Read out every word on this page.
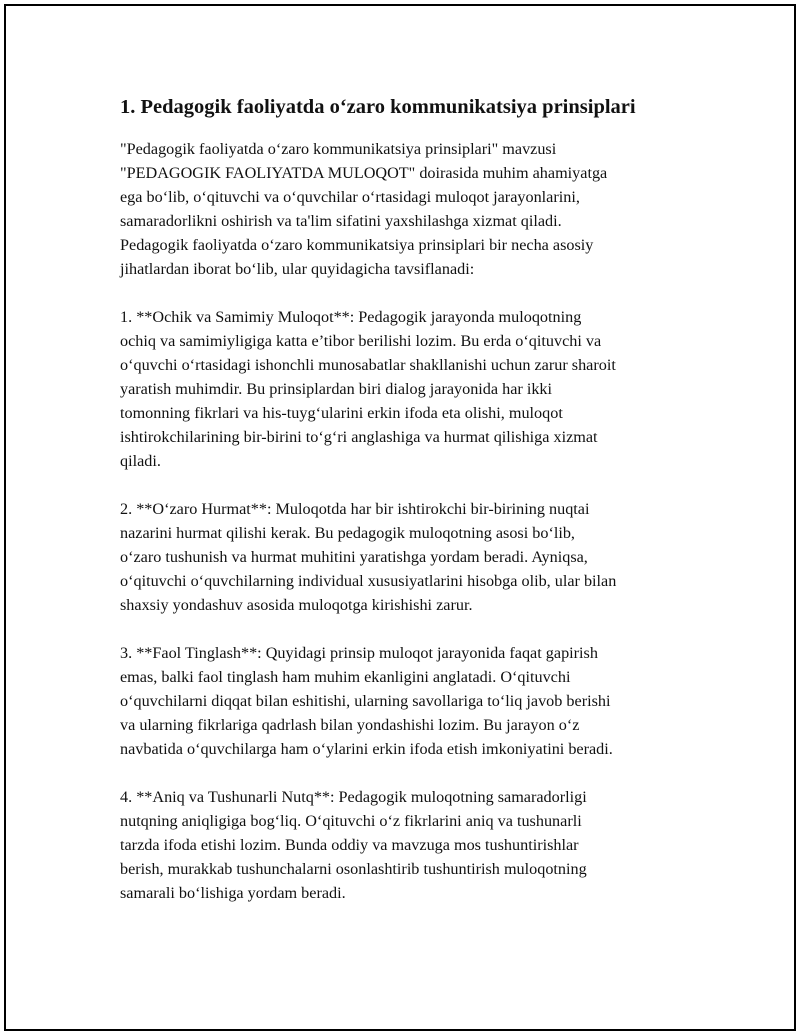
1. Pedagogik faoliyatda o‘zaro kommunikatsiya prinsiplari
"Pedagogik faoliyatda o‘zaro kommunikatsiya prinsiplari" mavzusi
"PEDAGOGIK FAOLIYATDA MULOQOT" doirasida muhim ahamiyatga
ega bo‘lib, o‘qituvchi va o‘quvchilar o‘rtasidagi muloqot jarayonlarini,
samaradorlikni oshirish va ta'lim sifatini yaxshilashga xizmat qiladi.
Pedagogik faoliyatda o‘zaro kommunikatsiya prinsiplari bir necha asosiy
jihatlardan iborat bo‘lib, ular quyidagicha tavsiflanadi:
1. **Ochik va Samimiy Muloqot**: Pedagogik jarayonda muloqotning
ochiq va samimiyligiga katta e’tibor berilishi lozim. Bu erda o‘qituvchi va
o‘quvchi o‘rtasidagi ishonchli munosabatlar shakllanishi uchun zarur sharoit
yaratish muhimdir. Bu prinsiplardan biri dialog jarayonida har ikki
tomonning fikrlari va his-tuyg‘ularini erkin ifoda eta olishi, muloqot
ishtirokchilarining bir-birini to‘g‘ri anglashiga va hurmat qilishiga xizmat
qiladi.
2. **O‘zaro Hurmat**: Muloqotda har bir ishtirokchi bir-birining nuqtai
nazarini hurmat qilishi kerak. Bu pedagogik muloqotning asosi bo‘lib,
o‘zaro tushunish va hurmat muhitini yaratishga yordam beradi. Ayniqsa,
o‘qituvchi o‘quvchilarning individual xususiyatlarini hisobga olib, ular bilan
shaxsiy yondashuv asosida muloqotga kirishishi zarur.
3. **Faol Tinglash**: Quyidagi prinsip muloqot jarayonida faqat gapirish
emas, balki faol tinglash ham muhim ekanligini anglatadi. O‘qituvchi
o‘quvchilarni diqqat bilan eshitishi, ularning savollariga to‘liq javob berishi
va ularning fikrlariga qadrlash bilan yondashishi lozim. Bu jarayon o‘z
navbatida o‘quvchilarga ham o‘ylarini erkin ifoda etish imkoniyatini beradi.
4. **Aniq va Tushunarli Nutq**: Pedagogik muloqotning samaradorligi
nutqning aniqligiga bog‘liq. O‘qituvchi o‘z fikrlarini aniq va tushunarli
tarzda ifoda etishi lozim. Bunda oddiy va mavzuga mos tushuntirishlar
berish, murakkab tushunchalarni osonlashtirib tushuntirish muloqotning
samarali bo‘lishiga yordam beradi.
